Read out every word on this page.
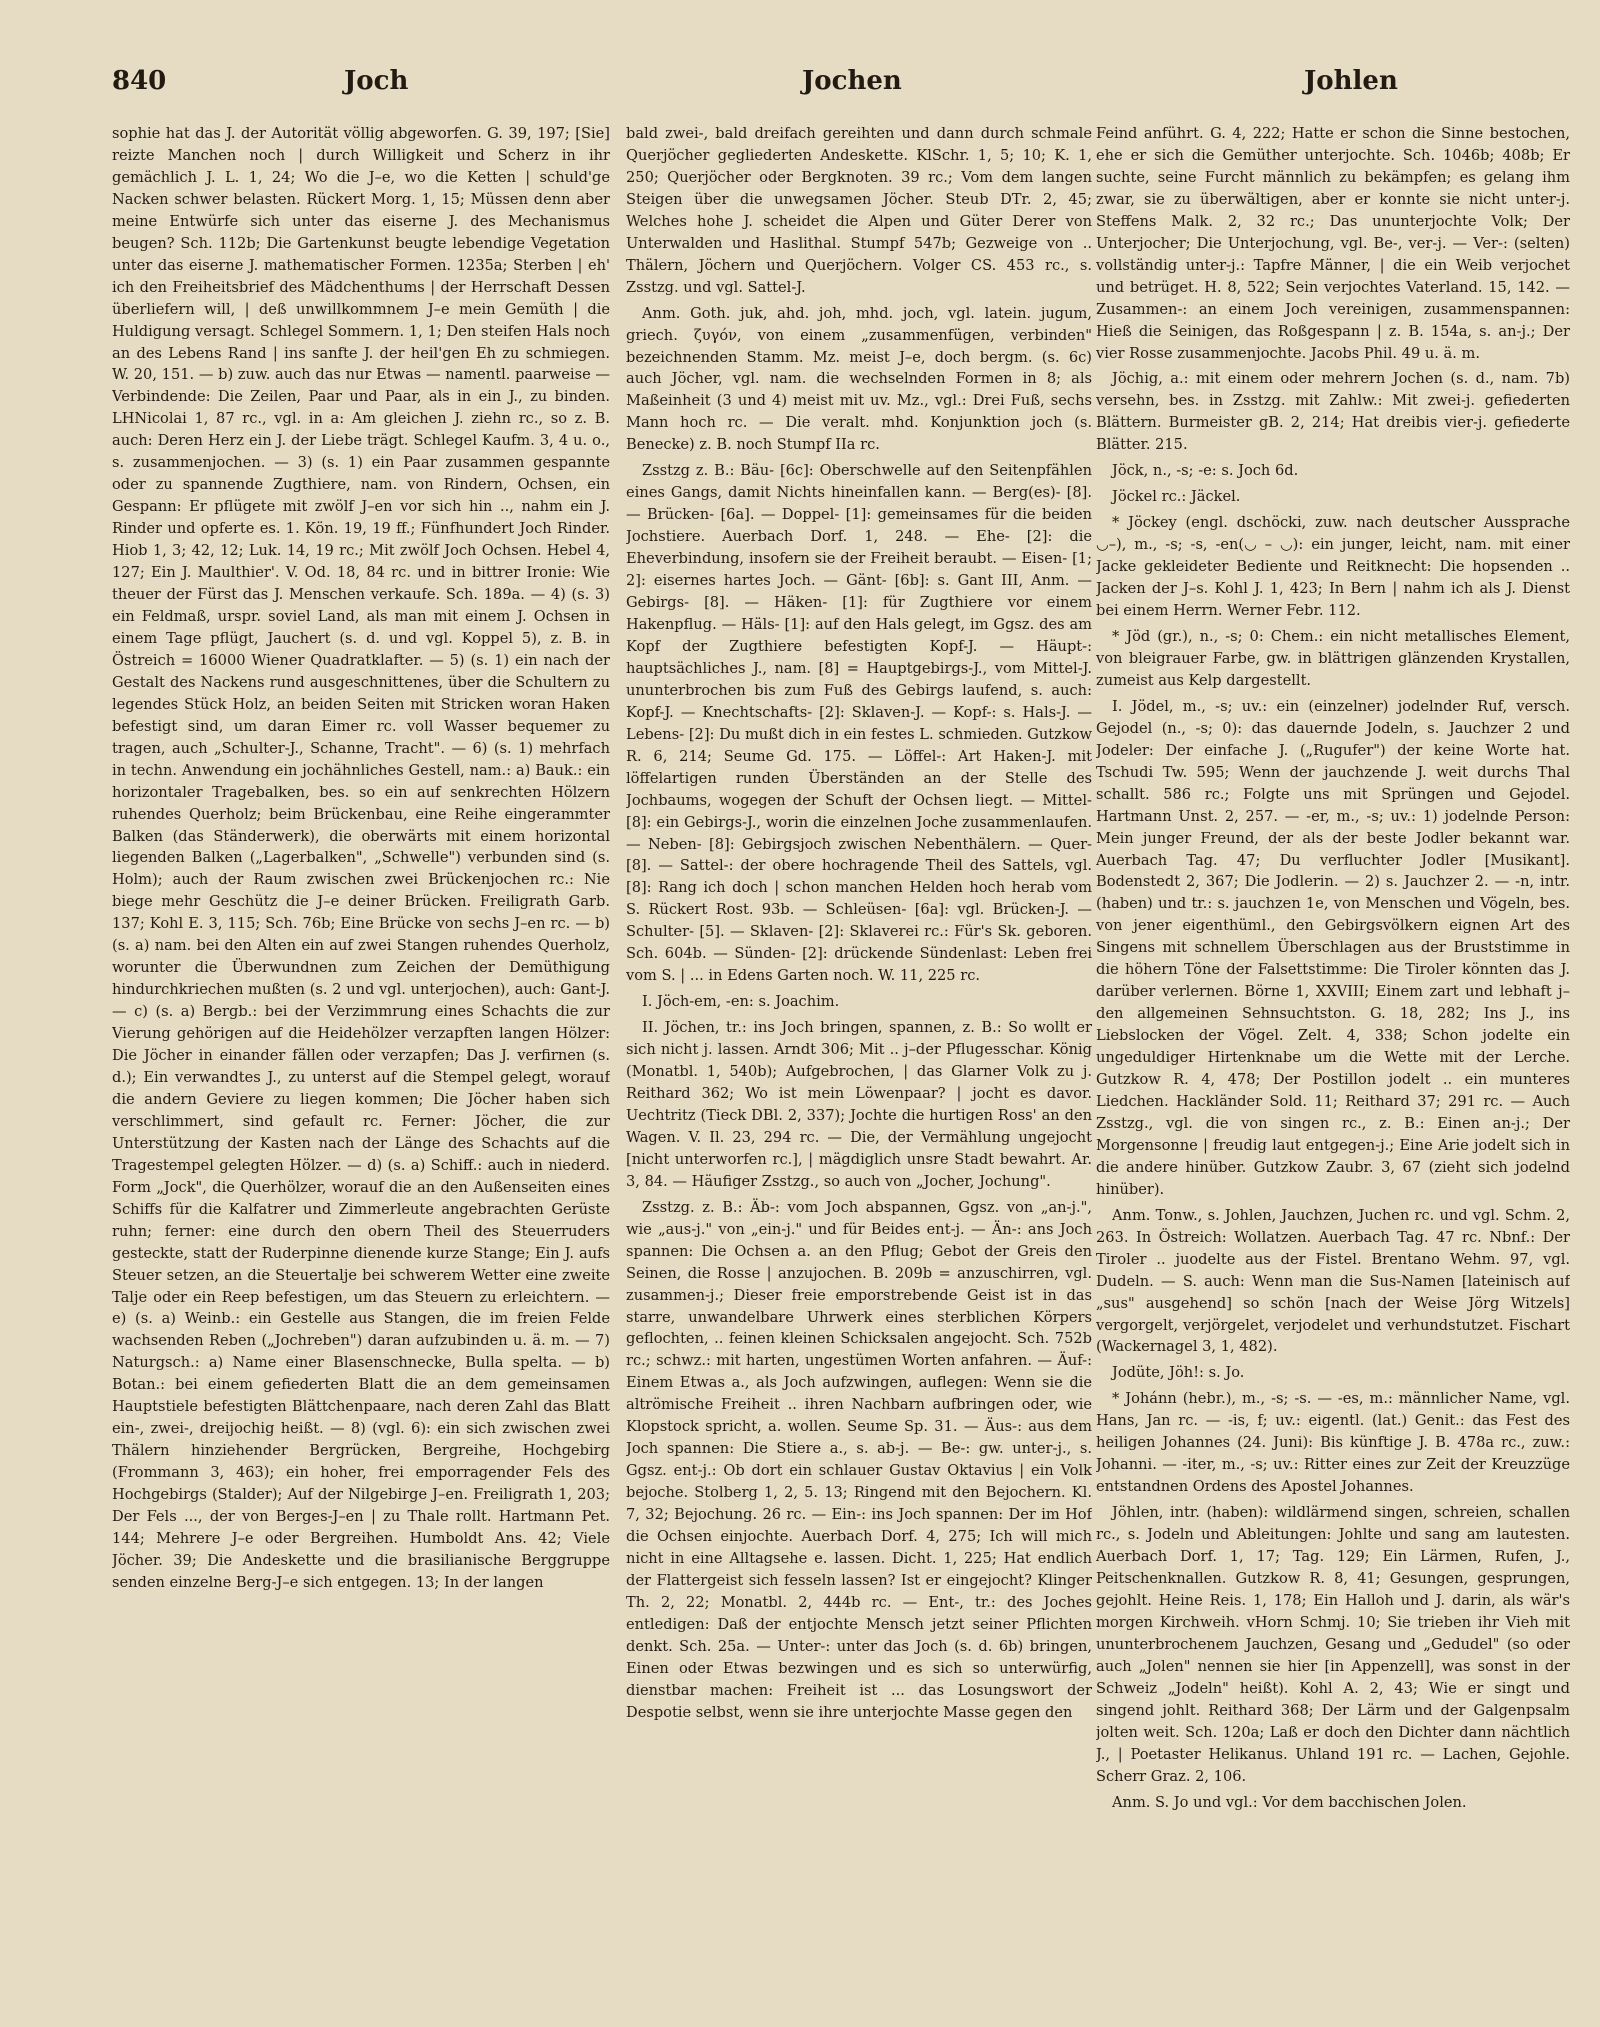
840	Joch	Jochen	Johlen

sophie hat das J. der Autorität völlig abgeworfen. G. 39, 197; [Sie] reizte Manchen noch | durch Willigkeit und Scherz in ihr gemächlich J. L. 1, 24; Wo die J–e, wo die Ketten | schuld'ge Nacken schwer belasten. Rückert Morg. 1, 15; Müssen denn aber meine Entwürfe sich unter das eiserne J. des Mechanismus beugen? Sch. 112b; Die Gartenkunst beugte lebendige Vegetation unter das eiserne J. mathematischer Formen. 1235a; Sterben | eh' ich den Freiheitsbrief des Mädchenthums | der Herrschaft Dessen überliefern will, | deß unwillkommnem J–e mein Gemüth | die Huldigung versagt. Schlegel Sommern. 1, 1; Den steifen Hals noch an des Lebens Rand | ins sanfte J. der heil'gen Eh zu schmiegen. W. 20, 151. — b) zuw. auch das nur Etwas — namentl. paarweise — Verbindende: Die Zeilen, Paar und Paar, als in ein J., zu binden. LHNicolai 1, 87 rc., vgl. in a: Am gleichen J. ziehn rc., so z. B. auch: Deren Herz ein J. der Liebe trägt. Schlegel Kaufm. 3, 4 u. o., s. zusammenjochen. — 3) (s. 1) ein Paar zusammen gespannte oder zu spannende Zugthiere, nam. von Rindern, Ochsen, ein Gespann: Er pflügete mit zwölf J–en vor sich hin .., nahm ein J. Rinder und opferte es. 1. Kön. 19, 19 ff.; Fünfhundert Joch Rinder. Hiob 1, 3; 42, 12; Luk. 14, 19 rc.; Mit zwölf Joch Ochsen. Hebel 4, 127; Ein J. Maulthier'. V. Od. 18, 84 rc. und in bittrer Ironie: Wie theuer der Fürst das J. Menschen verkaufe. Sch. 189a. — 4) (s. 3) ein Feldmaß, urspr. soviel Land, als man mit einem J. Ochsen in einem Tage pflügt, Jauchert (s. d. und vgl. Koppel 5), z. B. in Östreich = 16000 Wiener Quadratklafter. — 5) (s. 1) ein nach der Gestalt des Nackens rund ausgeschnittenes, über die Schultern zu legendes Stück Holz, an beiden Seiten mit Stricken woran Haken befestigt sind, um daran Eimer rc. voll Wasser bequemer zu tragen, auch „Schulter-J., Schanne, Tracht". — 6) (s. 1) mehrfach in techn. Anwendung ein jochähnliches Gestell, nam.: a) Bauk.: ein horizontaler Tragebalken, bes. so ein auf senkrechten Hölzern ruhendes Querholz; beim Brückenbau, eine Reihe eingerammter Balken (das Ständerwerk), die oberwärts mit einem horizontal liegenden Balken („Lagerbalken", „Schwelle") verbunden sind (s. Holm); auch der Raum zwischen zwei Brückenjochen rc.: Nie biege mehr Geschütz die J–e deiner Brücken. Freiligrath Garb. 137; Kohl E. 3, 115; Sch. 76b; Eine Brücke von sechs J–en rc. — b) (s. a) nam. bei den Alten ein auf zwei Stangen ruhendes Querholz, worunter die Überwundnen zum Zeichen der Demüthigung hindurchkriechen mußten (s. 2 und vgl. unterjochen), auch: Gant-J. — c) (s. a) Bergb.: bei der Verzimmrung eines Schachts die zur Vierung gehörigen auf die Heidehölzer verzapften langen Hölzer: Die Jöcher in einander fällen oder verzapfen; Das J. verfirnen (s. d.); Ein verwandtes J., zu unterst auf die Stempel gelegt, worauf die andern Gevierе zu liegen kommen; Die Jöcher haben sich verschlimmert, sind gefault rc. Ferner: Jöcher, die zur Unterstützung der Kasten nach der Länge des Schachts auf die Tragestempel gelegten Hölzer. — d) (s. a) Schiff.: auch in niederd. Form „Jock", die Querhölzer, worauf die an den Außenseiten eines Schiffs für die Kalfatrer und Zimmerleute angebrachten Gerüste ruhn; ferner: eine durch den obern Theil des Steuerruders gesteckte, statt der Ruderpinne dienende kurze Stange; Ein J. aufs Steuer setzen, an die Steuertalje bei schwerem Wetter eine zweite Talje oder ein Reep befestigen, um das Steuern zu erleichtern. — e) (s. a) Weinb.: ein Gestelle aus Stangen, die im freien Felde wachsenden Reben („Jochreben") daran aufzubinden u. ä. m. — 7) Naturgsch.: a) Name einer Blasenschnecke, Bulla spelta. — b) Botan.: bei einem gefiederten Blatt die an dem gemeinsamen Hauptstiele befestigten Blättchenpaare, nach deren Zahl das Blatt ein-, zwei-, dreijochig heißt. — 8) (vgl. 6): ein sich zwischen zwei Thälern hinziehender Bergrücken, Bergreihe, Hochgebirg (Frommann 3, 463); ein hoher, frei emporragender Fels des Hochgebirgs (Stalder); Auf der Nilgebirge J–en. Freiligrath 1, 203; Der Fels ..., der von Berges-J–en | zu Thale rollt. Hartmann Pet. 144; Mehrere J–e oder Bergreihen. Humboldt Ans. 42; Viele Jöcher. 39; Die Andeskette und die brasilianische Berggruppe senden einzelne Berg-J–e sich entgegen. 13; In der langen

bald zwei-, bald dreifach gereihten und dann durch schmale Querjöcher gegliederten Andeskette. KlSchr. 1, 5; 10; K. 1, 250; Querjöcher oder Bergknoten. 39 rc.; Vom dem langen Steigen über die unwegsamen Jöcher. Steub DTr. 2, 45; Welches hohe J. scheidet die Alpen und Güter Derer von Unterwalden und Haslithal. Stumpf 547b; Gezweige von .. Thälern, Jöchern und Querjöchern. Volger CS. 453 rc., s. Zsstzg. und vgl. Sattel-J.

Anm. Goth. juk, ahd. joh, mhd. joch, vgl. latein. jugum, griech. ζυγόν, von einem „zusammenfügen, verbinden" bezeichnenden Stamm. Mz. meist J–e, doch bergm. (s. 6c) auch Jöcher, vgl. nam. die wechselnden Formen in 8; als Maßeinheit (3 und 4) meist mit uv. Mz., vgl.: Drei Fuß, sechs Mann hoch rc. — Die veralt. mhd. Konjunktion joch (s. Benecke) z. B. noch Stumpf IIa rc.

Zsstzg z. B.: Bäu- [6c]: Oberschwelle auf den Seitenpfählen eines Gangs, damit Nichts hineinfallen kann. — Berg(es)- [8]. — Brücken- [6a]. — Doppel- [1]: gemeinsames für die beiden Jochstiere. Auerbach Dorf. 1, 248. — Ehe- [2]: die Eheverbindung, insofern sie der Freiheit beraubt. — Eisen- [1; 2]: eisernes hartes Joch. — Gänt- [6b]: s. Gant III, Anm. — Gebirgs- [8]. — Häken- [1]: für Zugthiere vor einem Hakenpflug. — Häls- [1]: auf den Hals gelegt, im Ggsz. des am Kopf der Zugthiere befestigten Kopf-J. — Häupt-: hauptsächliches J., nam. [8] = Hauptgebirgs-J., vom Mittel-J. ununterbrochen bis zum Fuß des Gebirgs laufend, s. auch: Kopf-J. — Knechtschafts- [2]: Sklaven-J. — Kopf-: s. Hals-J. — Lebens- [2]: Du mußt dich in ein festes L. schmieden. Gutzkow R. 6, 214; Seume Gd. 175. — Löffel-: Art Haken-J. mit löffelartigen runden Überständen an der Stelle des Jochbaums, wogegen der Schuft der Ochsen liegt. — Mittel- [8]: ein Gebirgs-J., worin die einzelnen Joche zusammenlaufen. — Neben- [8]: Gebirgsjoch zwischen Nebenthälern. — Quer- [8]. — Sattel-: der obere hochragende Theil des Sattels, vgl. [8]: Rang ich doch | schon manchen Helden hoch herab vom S. Rückert Rost. 93b. — Schleüsen- [6a]: vgl. Brücken-J. — Schulter- [5]. — Sklaven- [2]: Sklaverei rc.: Für's Sk. geboren. Sch. 604b. — Sünden- [2]: drückende Sündenlast: Leben frei vom S. | ... in Edens Garten noch. W. 11, 225 rc.

I. Jöch-em, -en: s. Joachim.

II. Jöchen, tr.: ins Joch bringen, spannen, z. B.: So wollt er sich nicht j. lassen. Arndt 306; Mit .. j–der Pflugesschar. König (Monatbl. 1, 540b); Aufgebrochen, | das Glarner Volk zu j. Reithard 362; Wo ist mein Löwenpaar? | jocht es davor. Uechtritz (Tieck DBl. 2, 337); Jochte die hurtigen Ross' an den Wagen. V. Il. 23, 294 rc. — Die, der Vermählung ungejocht [nicht unterworfen rc.], | mägdiglich unsre Stadt bewahrt. Ar. 3, 84. — Häufiger Zsstzg., so auch von „Jocher, Jochung".

Zsstzg. z. B.: Äb-: vom Joch abspannen, Ggsz. von „an-j.", wie „aus-j." von „ein-j." und für Beides ent-j. — Än-: ans Joch spannen: Die Ochsen a. an den Pflug; Gebot der Greis den Seinen, die Rosse | anzujochen. B. 209b = anzuschirren, vgl. zusammen-j.; Dieser freie emporstrebende Geist ist in das starre, unwandelbare Uhrwerk eines sterblichen Körpers geflochten, .. feinen kleinen Schicksalen angejocht. Sch. 752b rc.; schwz.: mit harten, ungestümen Worten anfahren. — Äuf-: Einem Etwas a., als Joch aufzwingen, auflegen: Wenn sie die altrömische Freiheit .. ihren Nachbarn aufbringen oder, wie Klopstock spricht, a. wollen. Seume Sp. 31. — Äus-: aus dem Joch spannen: Die Stiere a., s. ab-j. — Be-: gw. unter-j., s. Ggsz. ent-j.: Ob dort ein schlauer Gustav Oktavius | ein Volk bejoche. Stolberg 1, 2, 5. 13; Ringend mit den Bejochern. Kl. 7, 32; Bejochung. 26 rc. — Ein-: ins Joch spannen: Der im Hof die Ochsen einjochte. Auerbach Dorf. 4, 275; Ich will mich nicht in eine Alltagsehe e. lassen. Dicht. 1, 225; Hat endlich der Flattergeist sich fesseln lassen? Ist er eingejocht? Klinger Th. 2, 22; Monatbl. 2, 444b rc. — Ent-, tr.: des Joches entledigen: Daß der entjochte Mensch jetzt seiner Pflichten denkt. Sch. 25a. — Unter-: unter das Joch (s. d. 6b) bringen, Einen oder Etwas bezwingen und es sich so unterwürfig, dienstbar machen: Freiheit ist ... das Losungswort der Despotie selbst, wenn sie ihre unterjochte Masse gegen den

Feind anführt. G. 4, 222; Hatte er schon die Sinne bestochen, ehe er sich die Gemüther unterjochte. Sch. 1046b; 408b; Er suchte, seine Furcht männlich zu bekämpfen; es gelang ihm zwar, sie zu überwältigen, aber er konnte sie nicht unter-j. Steffens Malk. 2, 32 rc.; Das ununterjochte Volk; Der Unterjocher; Die Unterjochung, vgl. Be-, ver-j. — Ver-: (selten) vollständig unter-j.: Tapfre Männer, | die ein Weib verjochet und betrüget. H. 8, 522; Sein verjochtes Vaterland. 15, 142. — Zusammen-: an einem Joch vereinigen, zusammenspannen: Hieß die Seinigen, das Roßgespann | z. B. 154a, s. an-j.; Der vier Rosse zusammenjochte. Jacobs Phil. 49 u. ä. m.

Jöchig, a.: mit einem oder mehrern Jochen (s. d., nam. 7b) versehn, bes. in Zsstzg. mit Zahlw.: Mit zwei-j. gefiederten Blättern. Burmeister gB. 2, 214; Hat dreibis vier-j. gefiederte Blätter. 215.

Jöck, n., -s; -e: s. Joch 6d.

Jöckel rc.: Jäckel.

* Jöckey (engl. dschöcki, zuw. nach deutscher Aussprache ◡–), m., -s; -s, -en(◡ – ◡): ein junger, leicht, nam. mit einer Jacke gekleideter Bediente und Reitknecht: Die hopsenden .. Jacken der J–s. Kohl J. 1, 423; In Bern | nahm ich als J. Dienst bei einem Herrn. Werner Febr. 112.

* Jöd (gr.), n., -s; 0: Chem.: ein nicht metallisches Element, von bleigrauer Farbe, gw. in blättrigen glänzenden Krystallen, zumeist aus Kelp dargestellt.

I. Jödel, m., -s; uv.: ein (einzelner) jodelnder Ruf, versch. Gejodel (n., -s; 0): das dauernde Jodeln, s. Jauchzer 2 und Jodeler: Der einfache J. („Rugufer") der keine Worte hat. Tschudi Tw. 595; Wenn der jauchzende J. weit durchs Thal schallt. 586 rc.; Folgte uns mit Sprüngen und Gejodel. Hartmann Unst. 2, 257. — -er, m., -s; uv.: 1) jodelnde Person: Mein junger Freund, der als der beste Jodler bekannt war. Auerbach Tag. 47; Du verfluchter Jodler [Musikant]. Bodenstedt 2, 367; Die Jodlerin. — 2) s. Jauchzer 2. — -n, intr. (haben) und tr.: s. jauchzen 1e, von Menschen und Vögeln, bes. von jener eigenthüml., den Gebirgsvölkern eignen Art des Singens mit schnellem Überschlagen aus der Bruststimme in die höhern Töne der Falsettstimme: Die Tiroler könnten das J. darüber verlernen. Börne 1, XXVIII; Einem zart und lebhaft j–den allgemeinen Sehnsuchtston. G. 18, 282; Ins J., ins Liebslocken der Vögel. Zelt. 4, 338; Schon jodelte ein ungeduldiger Hirtenknabe um die Wette mit der Lerche. Gutzkow R. 4, 478; Der Postillon jodelt .. ein munteres Liedchen. Hackländer Sold. 11; Reithard 37; 291 rc. — Auch Zsstzg., vgl. die von singen rc., z. B.: Einen an-j.; Der Morgensonne | freudig laut entgegen-j.; Eine Arie jodelt sich in die andere hinüber. Gutzkow Zaubr. 3, 67 (zieht sich jodelnd hinüber).

Anm. Tonw., s. Johlen, Jauchzen, Juchen rc. und vgl. Schm. 2, 263. In Östreich: Wollatzen. Auerbach Tag. 47 rc. Nbnf.: Der Tiroler .. juodelte aus der Fistel. Brentano Wehm. 97, vgl. Dudeln. — S. auch: Wenn man die Sus-Namen [lateinisch auf „sus" ausgehend] so schön [nach der Weise Jörg Witzels] vergorgelt, verjörgelet, verjodelet und verhundstutzet. Fischart (Wackernagel 3, 1, 482).

Jodüte, Jöh!: s. Jo.

* Johánn (hebr.), m., -s; -s. — -es, m.: männlicher Name, vgl. Hans, Jan rc. — -is, f; uv.: eigentl. (lat.) Genit.: das Fest des heiligen Johannes (24. Juni): Bis künftige J. B. 478a rc., zuw.: Johanni. — -iter, m., -s; uv.: Ritter eines zur Zeit der Kreuzzüge entstandnen Ordens des Apostel Johannes.

Jöhlen, intr. (haben): wildlärmend singen, schreien, schallen rc., s. Jodeln und Ableitungen: Johlte und sang am lautesten. Auerbach Dorf. 1, 17; Tag. 129; Ein Lärmen, Rufen, J., Peitschenknallen. Gutzkow R. 8, 41; Gesungen, gesprungen, gejohlt. Heine Reis. 1, 178; Ein Halloh und J. darin, als wär's morgen Kirchweih. vHorn Schmj. 10; Sie trieben ihr Vieh mit ununterbrochenem Jauchzen, Gesang und „Gedudel" (so oder auch „Jolen" nennen sie hier [in Appenzell], was sonst in der Schweiz „Jodeln" heißt). Kohl A. 2, 43; Wie er singt und singend johlt. Reithard 368; Der Lärm und der Galgenpsalm jolten weit. Sch. 120a; Laß er doch den Dichter dann nächtlich J., | Poetaster Helikanus. Uhland 191 rc. — Lachen, Gejohle. Scherr Graz. 2, 106.

Anm. S. Jo und vgl.: Vor dem bacchischen Jolen.
